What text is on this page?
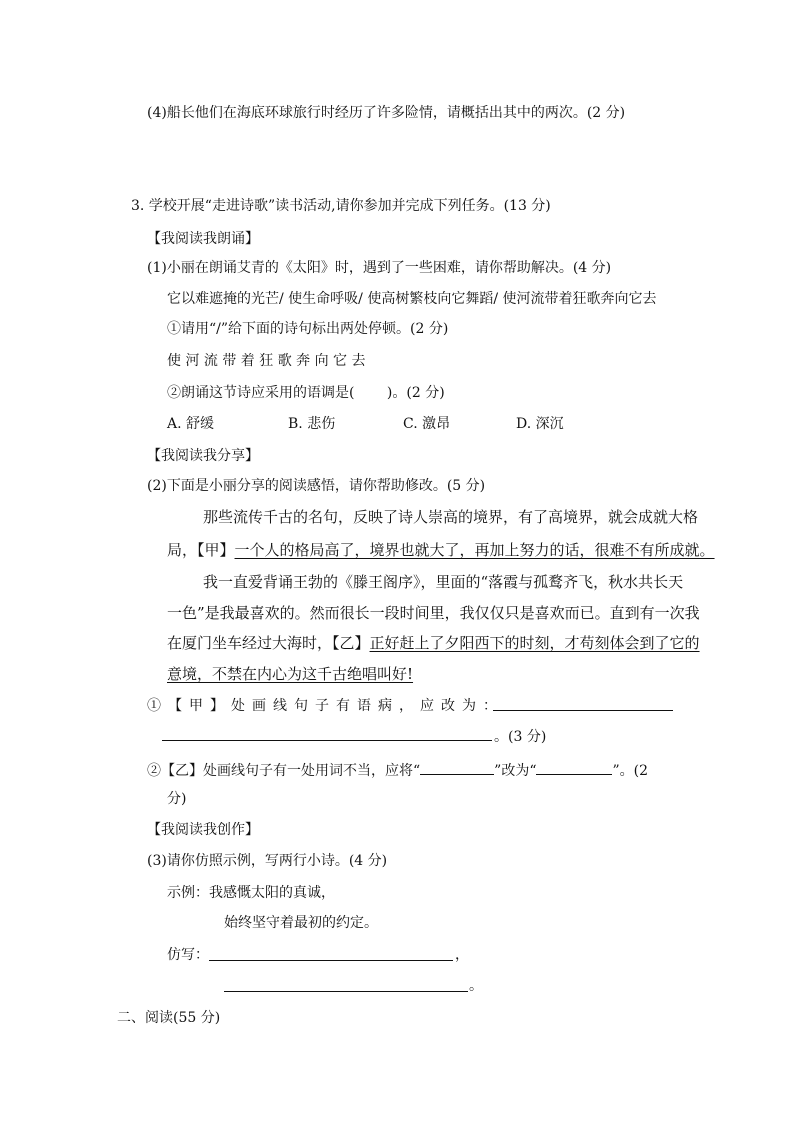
(4)船长他们在海底环球旅行时经历了许多险情，请概括出其中的两次。(2 分)
3. 学校开展“走进诗歌”读书活动,请你参加并完成下列任务。(13 分)
【我阅读我朗诵】
(1)小丽在朗诵艾青的《太阳》时，遇到了一些困难，请你帮助解决。(4 分)
它以难遮掩的光芒/ 使生命呼吸/ 使高树繁枝向它舞蹈/ 使河流带着狂歌奔向它去
①请用“/”给下面的诗句标出两处停顿。(2 分)
使 河 流 带 着 狂 歌 奔 向 它 去
②朗诵这节诗应采用的语调是(　　 )。(2 分)
A. 舒缓	B. 悲伤	C. 激昂	D. 深沉
【我阅读我分享】
(2)下面是小丽分享的阅读感悟，请你帮助修改。(5 分)
那些流传千古的名句，反映了诗人崇高的境界，有了高境界，就会成就大格
局，【甲】一个人的格局高了，境界也就大了，再加上努力的话，很难不有所成就。
我一直爱背诵王勃的《滕王阁序》，里面的“落霞与孤鹜齐飞，秋水共长天
一色”是我最喜欢的。然而很长一段时间里，我仅仅只是喜欢而已。直到有一次我
在厦门坐车经过大海时，【乙】正好赶上了夕阳西下的时刻，才苟刻体会到了它的
意境，不禁在内心为这千古绝唱叫好!
①【甲】处画线句子有语病，应改为：
。(3 分)
②【乙】处画线句子有一处用词不当，应将“	”改为“	”。(2
分)
【我阅读我创作】
(3)请你仿照示例，写两行小诗。(4 分)
示例：我感慨太阳的真诚，
始终坚守着最初的约定。
仿写：	，
。
二、阅读(55 分)
